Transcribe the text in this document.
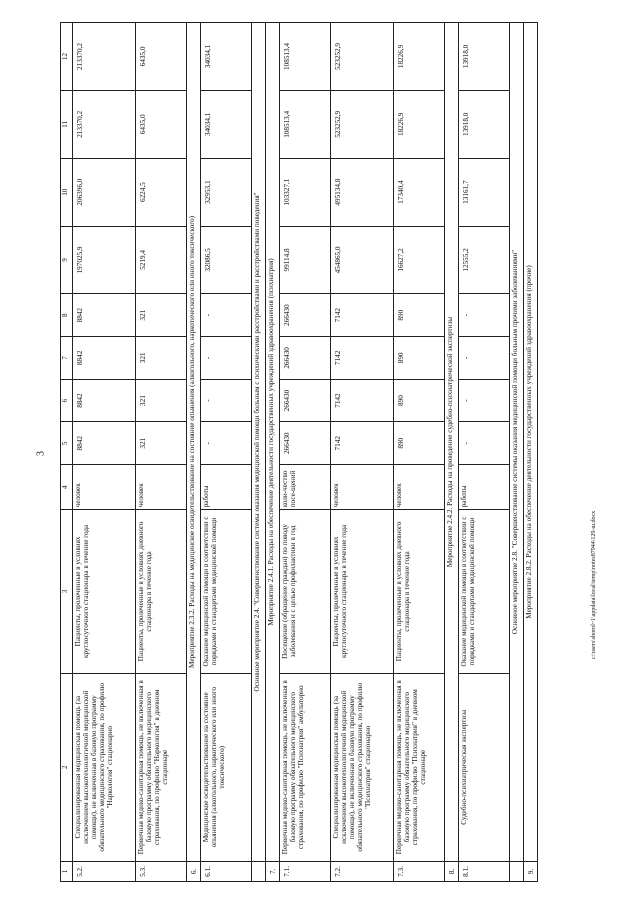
3
1	2	3	4	5	6	7	8	9	10	11	12
5.2.	Специализированная медицинская помощь (за исключением высокотехнологичной медицинской помощи), не включенная в базовую программу обязательного медицинского страхования, по профилю "Наркология" стационарно	Пациенты, пролеченные в условиях круглосуточного стационара в течение года	человек	8842	8842	8842	8842	197025,9	206396,0	213370,2	213370,2
5.3.	Первичная медико-санитарная помощь, не включенная в базовую программу обязательного медицинского страхования, по профилю "Наркология" в дневном стационаре	Пациенты, пролеченные в условиях дневного стационара в течение года	человек	321	321	321	321	5219,4	6224,5	6435,0	6435,0
6.	Мероприятие 2.3.2. Расходы на медицинское освидетельствование на состояние опьянения (алкогольного, наркотического или иного токсического)										
6.1.	Медицинское освидетельствование на состояние опьянения (алкогольного, наркотического или иного токсического)	Оказание медицинской помощи в соответствии с порядками и стандартами медицинской помощи	работы	-	-	-	-	32086,5	32953,1	34034,1	34034,1
	Основное мероприятие 2.4. "Совершенствование системы оказания медицинской помощи больным с психическими расстройствами и расстройствами поведения"										
7.	Мероприятие 2.4.1. Расходы на обеспечение деятельности государственных учреждений здравоохранения (психиатрия)										
7.1.	Первичная медико-санитарная помощь, не включенная в базовую программу обязательного медицинского страхования, по профилю "Психиатрия" амбулаторно	Посещение (обращение граждан) по поводу заболевания и с целью профилактики в год	коли-чество посе-щений	266430	266430	266430	266430	99114,8	103327,1	108513,4	108513,4
7.2.	Специализированная медицинская помощь (за исключением высокотехнологичной медицинской помощи), не включенная в базовую программу обязательного медицинского страхования, по профилю "Психиатрия" стационарно	Пациенты, пролеченные в условиях круглосуточного стационара в течение года	человек	7142	7142	7142	7142	454865,0	495134,8	523252,9	523252,9
7.3.	Первичная медико-санитарная помощь, не включенная в базовую программу обязательного медицинского страхования, по профилю "Психиатрия" в дневном стационаре	Пациенты, пролеченные в условиях дневного стационара в течение года	человек	890	890	890	890	16627,2	17340,4	18226,9	18226,9
8.	Мероприятие 2.4.2. Расходы на проведение судебно-психиатрической экспертизы										
8.1.	Судебно-психиатрическая экспертиза	Оказание медицинской помощи в соответствии с порядками и стандартами медицинской помощи	работы	-	-	-	-	12555,2	13161,7	13918,0	13918,0
	Основное мероприятие 2.8. "Совершенствование системы оказания медицинской помощи больным прочими заболеваниями"										
9.	Мероприятие 2.8.2. Расходы на обеспечение деятельности государственных учреждений здравоохранения (прочие)											c:\users\sborol~1\appdata\local\temp\notes87944\129-ш.docx
